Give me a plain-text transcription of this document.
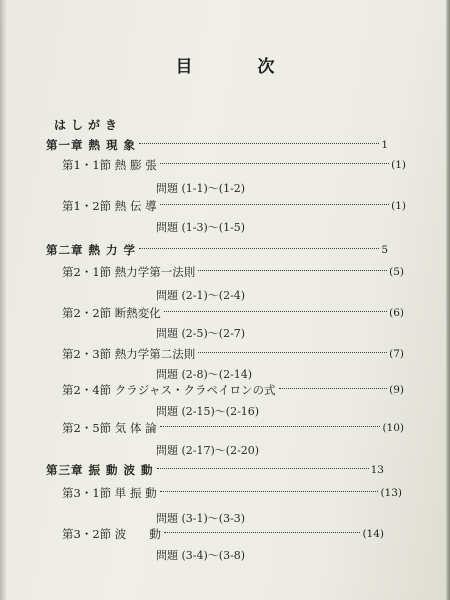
目　次
はしがき
第一章 熱 現 象	1
第1・1節 熱 膨 張	(1)
問題 (1-1)～(1-2)
第1・2節 熱 伝 導	(1)
問題 (1-3)～(1-5)
第二章 熱 力 学	5
第2・1節 熱力学第一法則	(5)
問題 (2-1)～(2-4)
第2・2節 断熱変化	(6)
問題 (2-5)～(2-7)
第2・3節 熱力学第二法則	(7)
問題 (2-8)～(2-14)
第2・4節 クラジャス・クラペイロンの式	(9)
問題 (2-15)～(2-16)
第2・5節 気 体 論	(10)
問題 (2-17)～(2-20)
第三章 振 動 波 動	13
第3・1節 単 振 動	(13)
問題 (3-1)～(3-3)
第3・2節 波　　動	(14)
問題 (3-4)～(3-8)
